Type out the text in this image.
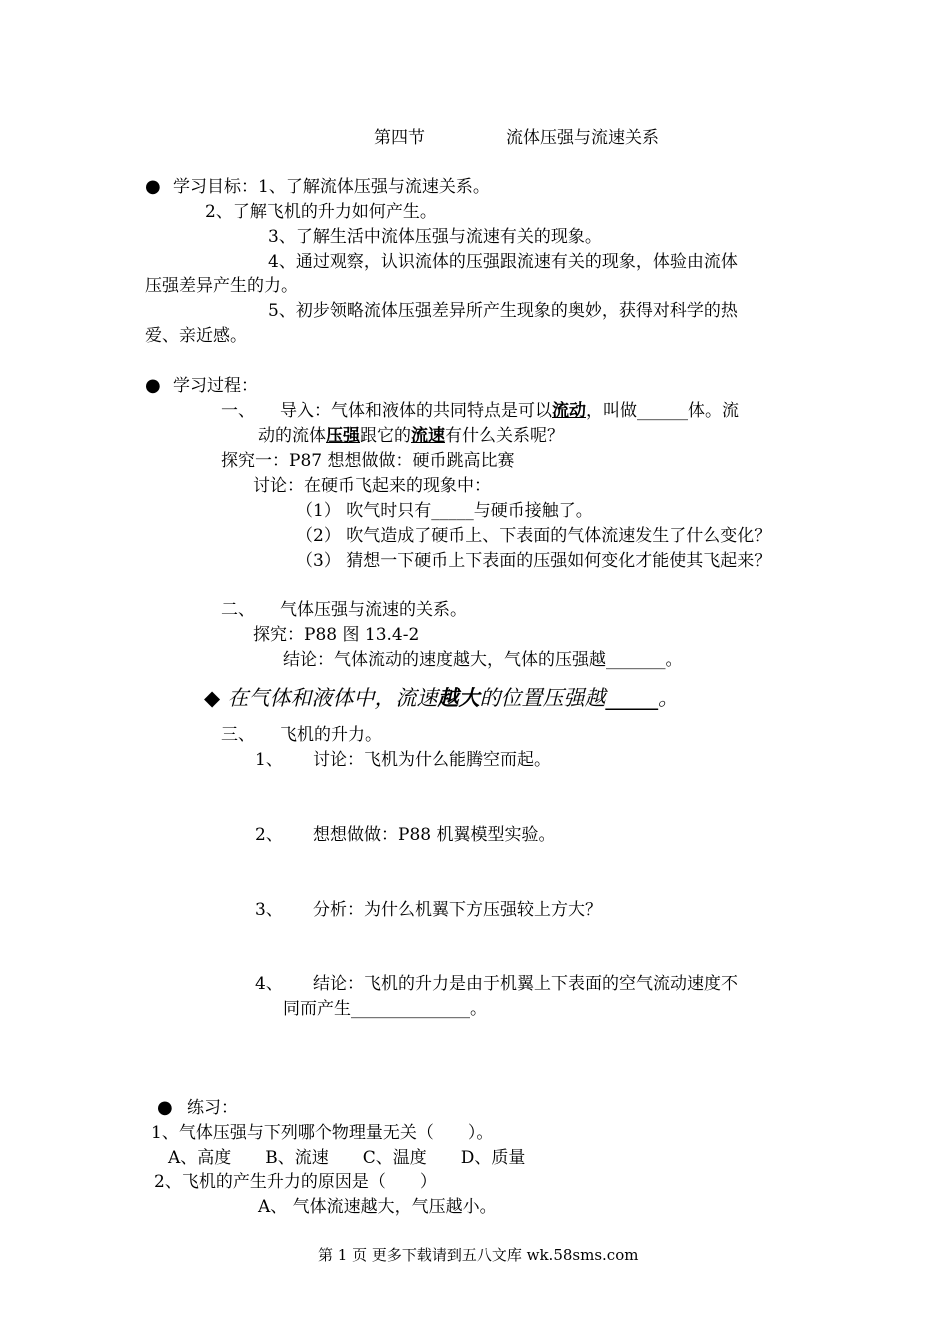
第四节	流体压强与流速关系
● 学习目标：1、了解流体压强与流速关系。
2、了解飞机的升力如何产生。
3、了解生活中流体压强与流速有关的现象。
4、通过观察，认识流体的压强跟流速有关的现象，体验由流体
压强差异产生的力。
5、初步领略流体压强差异所产生现象的奥妙，获得对科学的热
爱、亲近感。
● 学习过程：
一、 导入：气体和液体的共同特点是可以流动，叫做______体。流
动的流体压强跟它的流速有什么关系呢？
探究一：P87 想想做做：硬币跳高比赛
讨论：在硬币飞起来的现象中：
（1） 吹气时只有_____与硬币接触了。
（2） 吹气造成了硬币上、下表面的气体流速发生了什么变化？
（3） 猜想一下硬币上下表面的压强如何变化才能使其飞起来？
二、 气体压强与流速的关系。
探究：P88 图 13.4-2
结论：气体流动的速度越大，气体的压强越_______。
◆ 在气体和液体中，流速越大的位置压强越_____。
三、 飞机的升力。
1、 讨论：飞机为什么能腾空而起。
2、 想想做做：P88 机翼模型实验。
3、 分析：为什么机翼下方压强较上方大？
4、 结论：飞机的升力是由于机翼上下表面的空气流动速度不
同而产生______________。
● 练习：
1、气体压强与下列哪个物理量无关（　　）。
A、高度　　B、流速　　C、温度　　D、质量
2、飞机的产生升力的原因是（　　）
A、 气体流速越大，气压越小。
第 1 页 更多下载请到五八文库 wk.58sms.com
